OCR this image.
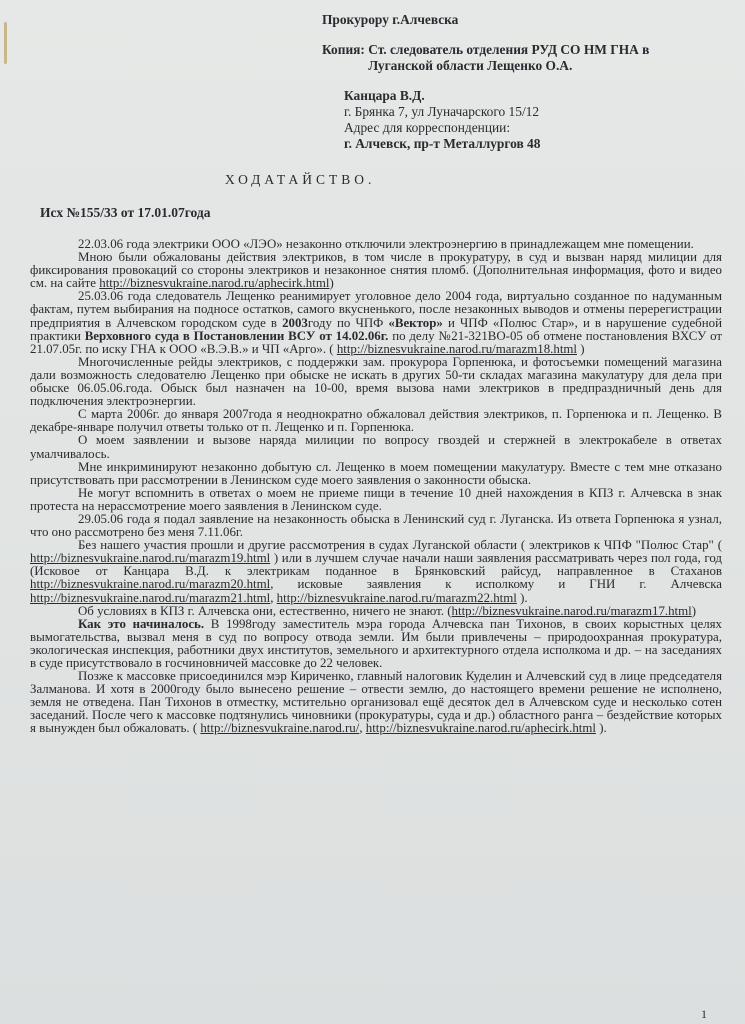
Прокурору г.Алчевска
Копия: Ст. следователь отделения РУД СО НМ ГНА в Луганской области Лещенко О.А.
Канцара В.Д.
г. Брянка 7, ул Луначарского 15/12
Адрес для корреспонденции:
г. Алчевск, пр-т Металлургов 48
ХОДАТАЙСТВО.
Исх №155/33 от 17.01.07года

22.03.06 года электрики ООО «ЛЭО» незаконно отключили электроэнергию в принадлежащем мне помещении.

Мною были обжалованы действия электриков, в том числе в прокуратуру, в суд и вызван наряд милиции для фиксирования провокаций со стороны электриков и незаконное снятия пломб. (Дополнительная информация, фото и видео см. на сайте http://biznesvukraine.narod.ru/aphecirk.html)

25.03.06 года следователь Лещенко реанимирует уголовное дело 2004 года, виртуально созданное по надуманным фактам, путем выбирания на подносе остатков, самого вкусненького, после незаконных выводов и отмены перерегистрации предприятия в Алчевском городском суде в 2003году по ЧПФ «Вектор» и ЧПФ «Полюс Стар», и в нарушение судебной практики Верховного суда в Постановлении ВСУ от 14.02.06г. по делу №21-321ВО-05 об отмене постановления ВХСУ от 21.07.05г. по иску ГНА к ООО «В.Э.В.» и ЧП «Арго». ( http://biznesvukraine.narod.ru/marazm18.html )

Многочисленные рейды электриков, с поддержки зам. прокурора Горпенюка, и фотосъемки помещений магазина дали возможность следователю Лещенко при обыске не искать в других 50-ти складах магазина макулатуру для дела при обыске 06.05.06.года. Обыск был назначен на 10-00, время вызова нами электриков в предпраздничный день для подключения электроэнергии.

С марта 2006г. до января 2007года я неоднократно обжаловал действия электриков, п. Горпенюка и п. Лещенко. В декабре-январе получил ответы только от п. Лещенко и п. Горпенюка.

О моем заявлении и вызове наряда милиции по вопросу гвоздей и стержней в электрокабеле в ответах умалчивалось.

Мне инкриминируют незаконно добытую сл. Лещенко в моем помещении макулатуру. Вместе с тем мне отказано присутствовать при рассмотрении в Ленинском суде моего заявления о законности обыска.

Не могут вспомнить в ответах о моем не приеме пищи в течение 10 дней нахождения в КПЗ г. Алчевска в знак протеста на нерассмотрение моего заявления в Ленинском суде.

29.05.06 года я подал заявление на незаконность обыска в Ленинский суд г. Луганска. Из ответа Горпенюка я узнал, что оно рассмотрено без меня 7.11.06г.

Без нашего участия прошли и другие рассмотрения в судах Луганской области ( электриков к ЧПФ "Полюс Стар" ( http://biznesvukraine.narod.ru/marazm19.html ) или в лучшем случае начали наши заявления рассматривать через пол года, год (Исковое от Канцара В.Д. к электрикам поданное в Брянковский райсуд, направленное в Стаханов http://biznesvukraine.narod.ru/marazm20.html, исковые заявления к исполкому и ГНИ г. Алчевска http://biznesvukraine.narod.ru/marazm21.html, http://biznesvukraine.narod.ru/marazm22.html ).

Об условиях в КПЗ г. Алчевска они, естественно, ничего не знают. (http://biznesvukraine.narod.ru/marazm17.html)

Как это начиналось. В 1998году заместитель мэра города Алчевска пан Тихонов, в своих корыстных целях вымогательства, вызвал меня в суд по вопросу отвода земли. Им были привлечены – природоохранная прокуратура, экологическая инспекция, работники двух институтов, земельного и архитектурного отдела исполкома и др. – на заседаниях в суде присутствовало в госчиновничей массовке до 22 человек.

Позже к массовке присоединился мэр Кириченко, главный налоговик Куделин и Алчевский суд в лице председателя Залманова. И хотя в 2000году было вынесено решение – отвести землю, до настоящего времени решение не исполнено, земля не отведена. Пан Тихонов в отместку, мстительно организовал ещё десяток дел в Алчевском суде и несколько сотен заседаний. После чего к массовке подтянулись чиновники (прокуратуры, суда и др.) областного ранга – бездействие которых я вынужден был обжаловать. ( http://biznesvukraine.narod.ru/, http://biznesvukraine.narod.ru/aphecirk.html ).

1
